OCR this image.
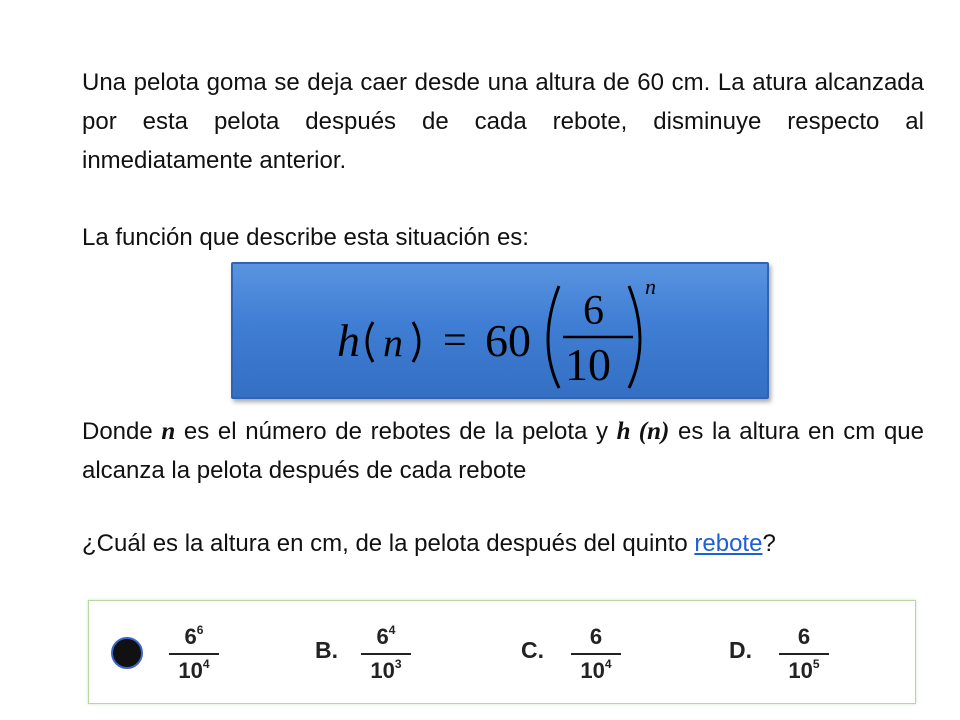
Una pelota goma se deja caer desde una altura de 60 cm. La atura alcanzada por esta pelota después de cada rebote, disminuye respecto al inmediatamente anterior.
La función que describe esta situación es:
h n = 60
6
10
n
Donde n es el número de rebotes de la pelota y h (n) es la altura en cm que alcanza la pelota después de cada rebote
¿Cuál es la altura en cm, de la pelota después del quinto rebote?
$6^6$
$10^4$
B.
$6^4$
$10^3$
C.
6
$10^4$
D.
6
$10^5$
